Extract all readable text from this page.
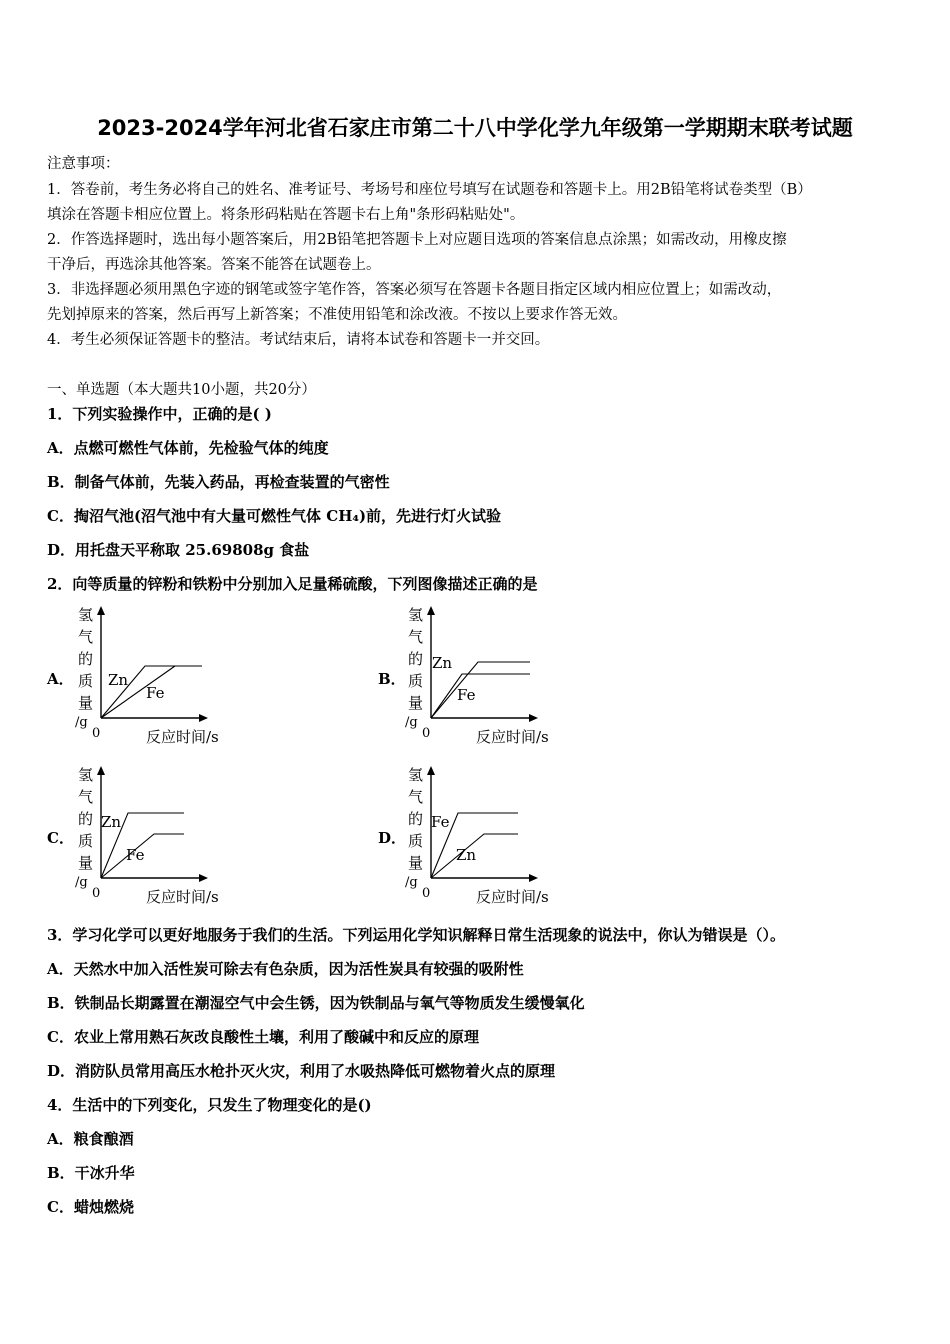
2023-2024学年河北省石家庄市第二十八中学化学九年级第一学期期末联考试题
注意事项：
1．答卷前，考生务必将自己的姓名、准考证号、考场号和座位号填写在试题卷和答题卡上。用2B铅笔将试卷类型（B）
填涂在答题卡相应位置上。将条形码粘贴在答题卡右上角"条形码粘贴处"。
2．作答选择题时，选出每小题答案后，用2B铅笔把答题卡上对应题目选项的答案信息点涂黑；如需改动，用橡皮擦
干净后，再选涂其他答案。答案不能答在试题卷上。
3．非选择题必须用黑色字迹的钢笔或签字笔作答，答案必须写在答题卡各题目指定区域内相应位置上；如需改动，
先划掉原来的答案，然后再写上新答案；不准使用铅笔和涂改液。不按以上要求作答无效。
4．考生必须保证答题卡的整洁。考试结束后，请将本试卷和答题卡一并交回。
一、单选题（本大题共10小题，共20分）
1．下列实验操作中，正确的是( )
A．点燃可燃性气体前，先检验气体的纯度
B．制备气体前，先装入药品，再检查装置的气密性
C．掏沼气池(沼气池中有大量可燃性气体 CH₄)前，先进行灯火试验
D．用托盘天平称取 25.69808g 食盐
2．向等质量的锌粉和铁粉中分别加入足量稀硫酸，下列图像描述正确的是
A．
氢
气
的
质
量
/g
0	反应时间/s
Zn
Fe
B．
氢
气
的
质
量
/g
0	反应时间/s
Zn
Fe
C．
氢
气
的
质
量
/g
0	反应时间/s
Zn
Fe
D．
氢
气
的
质
量
/g
0	反应时间/s
Fe
Zn
3．学习化学可以更好地服务于我们的生活。下列运用化学知识解释日常生活现象的说法中，你认为错误是（）。
A．天然水中加入活性炭可除去有色杂质，因为活性炭具有较强的吸附性
B．铁制品长期露置在潮湿空气中会生锈，因为铁制品与氧气等物质发生缓慢氧化
C．农业上常用熟石灰改良酸性土壤，利用了酸碱中和反应的原理
D．消防队员常用高压水枪扑灭火灾，利用了水吸热降低可燃物着火点的原理
4．生活中的下列变化，只发生了物理变化的是()
A．粮食酿酒
B．干冰升华
C．蜡烛燃烧
